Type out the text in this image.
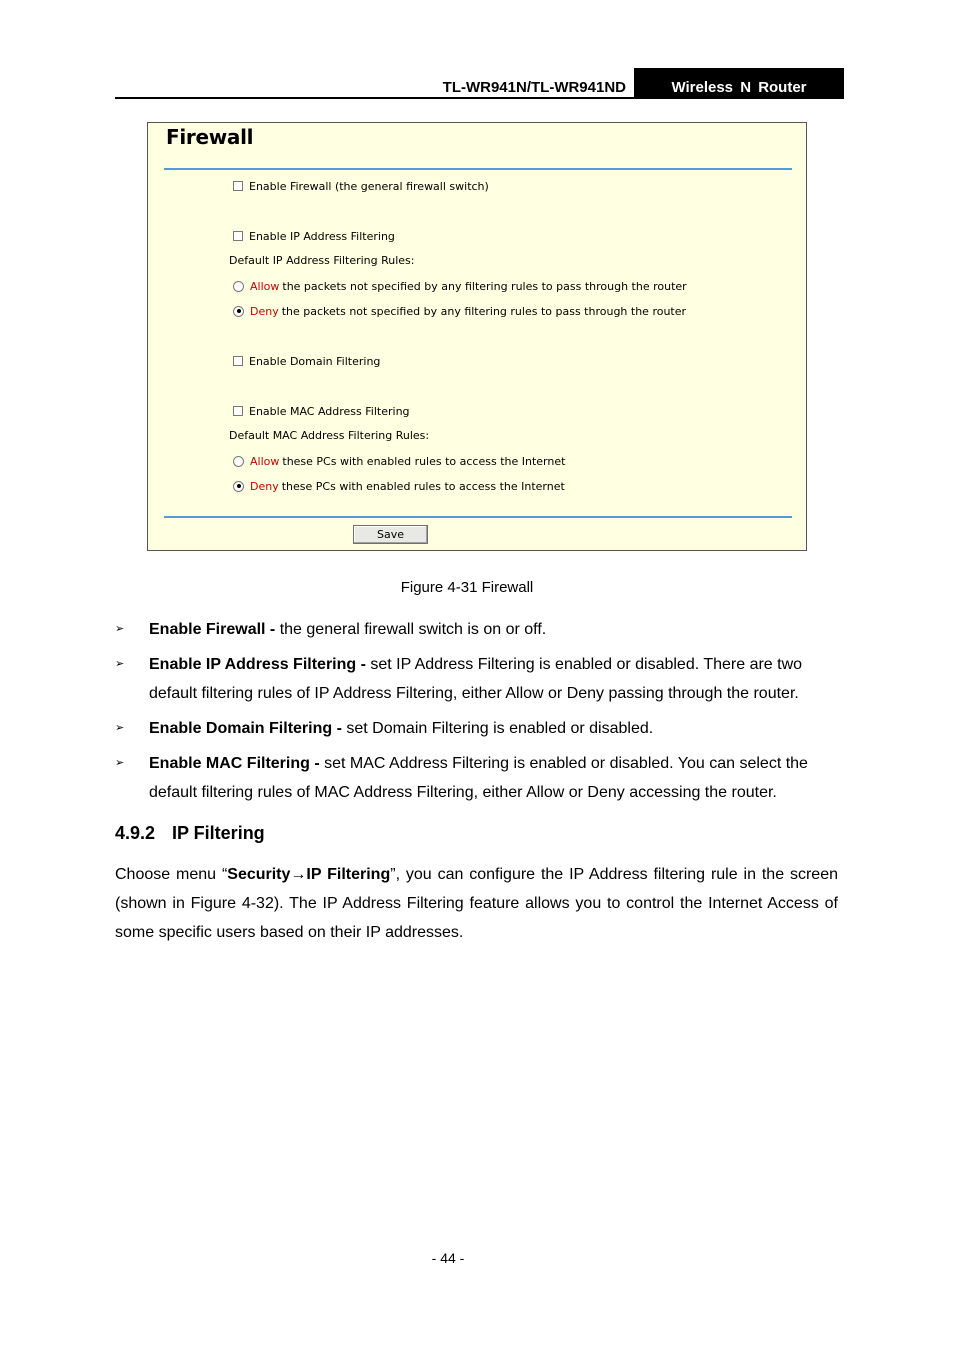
TL-WR941N/TL-WR941ND	Wireless N Router
Firewall
Enable Firewall (the general firewall switch)
Enable IP Address Filtering
Default IP Address Filtering Rules:
Allow the packets not specified by any filtering rules to pass through the router
Deny the packets not specified by any filtering rules to pass through the router
Enable Domain Filtering
Enable MAC Address Filtering
Default MAC Address Filtering Rules:
Allow these PCs with enabled rules to access the Internet
Deny these PCs with enabled rules to access the Internet
Save
Figure 4-31 Firewall
➢ Enable Firewall - the general firewall switch is on or off.
➢ Enable IP Address Filtering - set IP Address Filtering is enabled or disabled. There are two default filtering rules of IP Address Filtering, either Allow or Deny passing through the router.
➢ Enable Domain Filtering - set Domain Filtering is enabled or disabled.
➢ Enable MAC Filtering - set MAC Address Filtering is enabled or disabled. You can select the default filtering rules of MAC Address Filtering, either Allow or Deny accessing the router.
4.9.2 IP Filtering
Choose menu “Security→IP Filtering”, you can configure the IP Address filtering rule in the screen (shown in Figure 4-32). The IP Address Filtering feature allows you to control the Internet Access of some specific users based on their IP addresses.
- 44 -
